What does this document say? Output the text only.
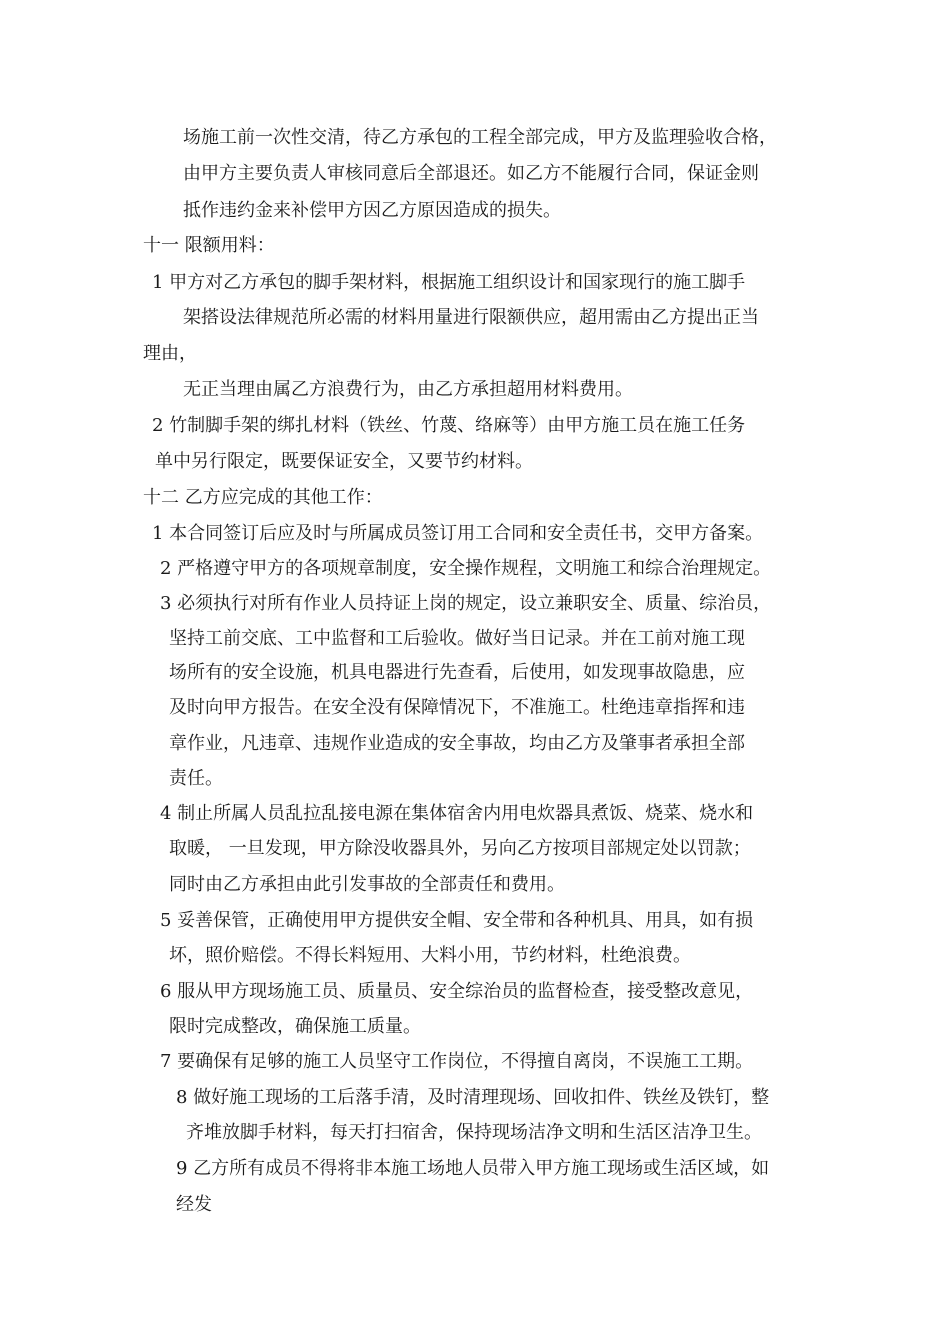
场施工前一次性交清，待乙方承包的工程全部完成，甲方及监理验收合格，
由甲方主要负责人审核同意后全部退还。如乙方不能履行合同，保证金则
抵作违约金来补偿甲方因乙方原因造成的损失。
十一 限额用料：
1 甲方对乙方承包的脚手架材料，根据施工组织设计和国家现行的施工脚手
架搭设法律规范所必需的材料用量进行限额供应，超用需由乙方提出正当
理由，
无正当理由属乙方浪费行为，由乙方承担超用材料费用。
2 竹制脚手架的绑扎材料（铁丝、竹蔑、络麻等）由甲方施工员在施工任务
单中另行限定，既要保证安全，又要节约材料。
十二 乙方应完成的其他工作：
1 本合同签订后应及时与所属成员签订用工合同和安全责任书，交甲方备案。
2 严格遵守甲方的各项规章制度，安全操作规程，文明施工和综合治理规定。
3 必须执行对所有作业人员持证上岗的规定，设立兼职安全、质量、综治员，
坚持工前交底、工中监督和工后验收。做好当日记录。并在工前对施工现
场所有的安全设施，机具电器进行先查看，后使用，如发现事故隐患，应
及时向甲方报告。在安全没有保障情况下，不准施工。杜绝违章指挥和违
章作业，凡违章、违规作业造成的安全事故，均由乙方及肇事者承担全部
责任。
4 制止所属人员乱拉乱接电源在集体宿舍内用电炊器具煮饭、烧菜、烧水和
取暖， 一旦发现，甲方除没收器具外，另向乙方按项目部规定处以罚款；
同时由乙方承担由此引发事故的全部责任和费用。
5 妥善保管，正确使用甲方提供安全帽、安全带和各种机具、用具，如有损
坏，照价赔偿。不得长料短用、大料小用，节约材料，杜绝浪费。
6 服从甲方现场施工员、质量员、安全综治员的监督检查，接受整改意见，
限时完成整改，确保施工质量。
7 要确保有足够的施工人员坚守工作岗位，不得擅自离岗，不误施工工期。
8 做好施工现场的工后落手清，及时清理现场、回收扣件、铁丝及铁钉，整
齐堆放脚手材料，每天打扫宿舍，保持现场洁净文明和生活区洁净卫生。
9 乙方所有成员不得将非本施工场地人员带入甲方施工现场或生活区域，如
经发
